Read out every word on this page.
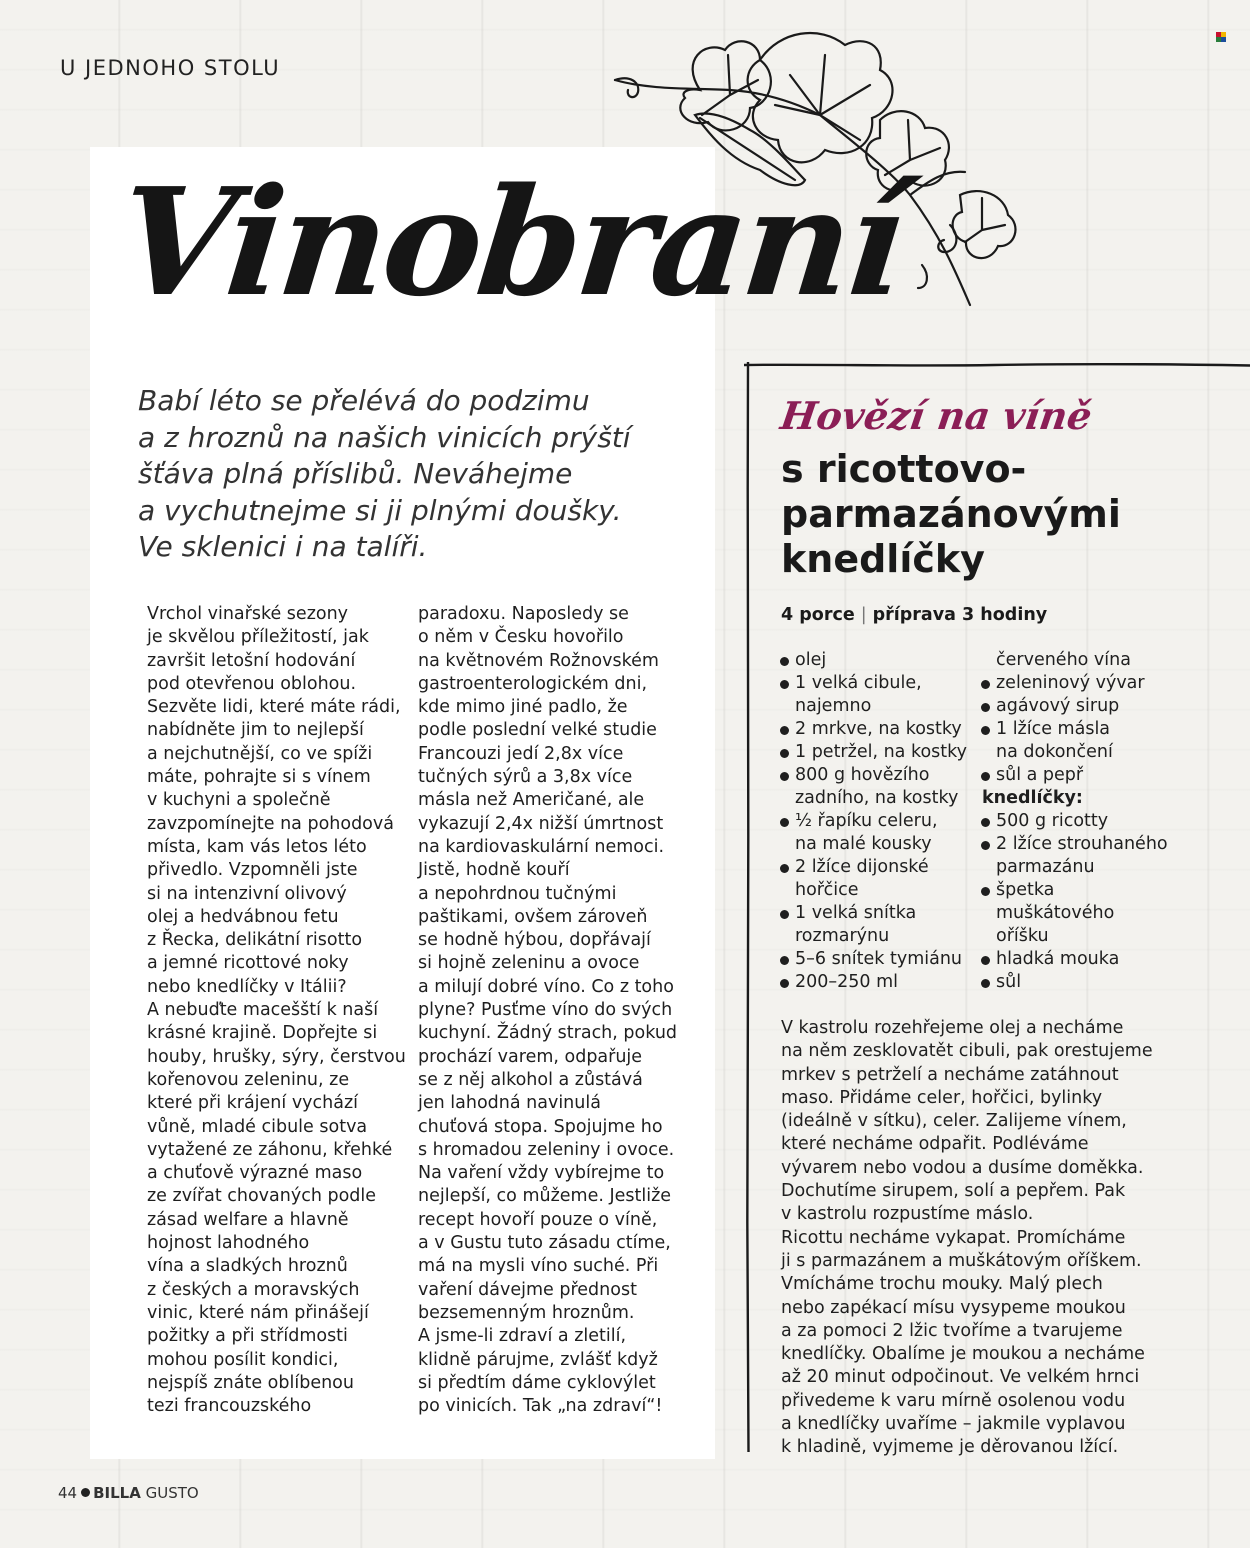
U JEDNOHO STOLU
Vinobraní
Babí léto se přelévá do podzimu
a z hroznů na našich vinicích prýští
šťáva plná příslibů. Neváhejme
a vychutnejme si ji plnými doušky.
Ve sklenici i na talíři.
Vrchol vinařské sezony
je skvělou příležitostí, jak
završit letošní hodování
pod otevřenou oblohou.
Sezvěte lidi, které máte rádi,
nabídněte jim to nejlepší
a nejchutnější, co ve spíži
máte, pohrajte si s vínem
v kuchyni a společně
zavzpomínejte na pohodová
místa, kam vás letos léto
přivedlo. Vzpomněli jste
si na intenzivní olivový
olej a hedvábnou fetu
z Řecka, delikátní risotto
a jemné ricottové noky
nebo knedlíčky v Itálii?
A nebuďte macešští k naší
krásné krajině. Dopřejte si
houby, hrušky, sýry, čerstvou
kořenovou zeleninu, ze
které při krájení vychází
vůně, mladé cibule sotva
vytažené ze záhonu, křehké
a chuťově výrazné maso
ze zvířat chovaných podle
zásad welfare a hlavně
hojnost lahodného
vína a sladkých hroznů
z českých a moravských
vinic, které nám přinášejí
požitky a při střídmosti
mohou posílit kondici,
nejspíš znáte oblíbenou
tezi francouzského
paradoxu. Naposledy se
o něm v Česku hovořilo
na květnovém Rožnovském
gastroenterologickém dni,
kde mimo jiné padlo, že
podle poslední velké studie
Francouzi jedí 2,8x více
tučných sýrů a 3,8x více
másla než Američané, ale
vykazují 2,4x nižší úmrtnost
na kardiovaskulární nemoci.
Jistě, hodně kouří
a nepohrdnou tučnými
paštikami, ovšem zároveň
se hodně hýbou, dopřávají
si hojně zeleninu a ovoce
a milují dobré víno. Co z toho
plyne? Pusťme víno do svých
kuchyní. Žádný strach, pokud
prochází varem, odpařuje
se z něj alkohol a zůstává
jen lahodná navinulá
chuťová stopa. Spojujme ho
s hromadou zeleniny i ovoce.
Na vaření vždy vybírejme to
nejlepší, co můžeme. Jestliže
recept hovoří pouze o víně,
a v Gustu tuto zásadu ctíme,
má na mysli víno suché. Při
vaření dávejme přednost
bezsemenným hroznům.
A jsme-li zdraví a zletilí,
klidně párujme, zvlášť když
si předtím dáme cyklovýlet
po vinicích. Tak „na zdraví“!
Hovězí na víně
s ricottovo-
parmazánovými
knedlíčky
4 porce | příprava 3 hodiny
olej
1 velká cibule,
najemno
2 mrkve, na kostky
1 petržel, na kostky
800 g hovězího
zadního, na kostky
½ řapíku celeru,
na malé kousky
2 lžíce dijonské
hořčice
1 velká snítka
rozmarýnu
5–6 snítek tymiánu
200–250 ml
červeného vína
zeleninový vývar
agávový sirup
1 lžíce másla
na dokončení
sůl a pepř
knedlíčky:
500 g ricotty
2 lžíce strouhaného
parmazánu
špetka
muškátového
oříšku
hladká mouka
sůl
V kastrolu rozehřejeme olej a necháme
na něm zesklovatět cibuli, pak orestujeme
mrkev s petrželí a necháme zatáhnout
maso. Přidáme celer, hořčici, bylinky
(ideálně v sítku), celer. Zalijeme vínem,
které necháme odpařit. Podléváme
vývarem nebo vodou a dusíme doměkka.
Dochutíme sirupem, solí a pepřem. Pak
v kastrolu rozpustíme máslo.
Ricottu necháme vykapat. Promícháme
ji s parmazánem a muškátovým oříškem.
Vmícháme trochu mouky. Malý plech
nebo zapékací mísu vysypeme moukou
a za pomoci 2 lžic tvoříme a tvarujeme
knedlíčky. Obalíme je moukou a necháme
až 20 minut odpočinout. Ve velkém hrnci
přivedeme k varu mírně osolenou vodu
a knedlíčky uvaříme – jakmile vyplavou
k hladině, vyjmeme je děrovanou lžící.
44 BILLA GUSTO
